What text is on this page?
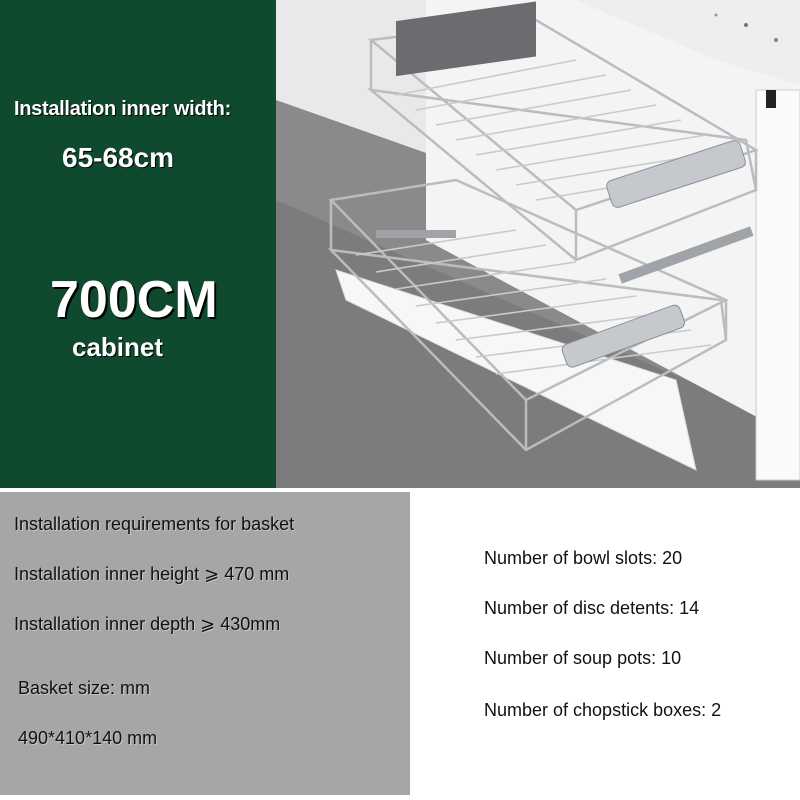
Installation inner width:
65-68cm
700CM
cabinet
Installation requirements for basket
Installation inner height ⩾ 470 mm
Installation inner depth ⩾ 430mm
Basket size: mm
490*410*140 mm
Number of bowl slots: 20
Number of disc detents: 14
Number of soup pots: 10
Number of chopstick boxes: 2
